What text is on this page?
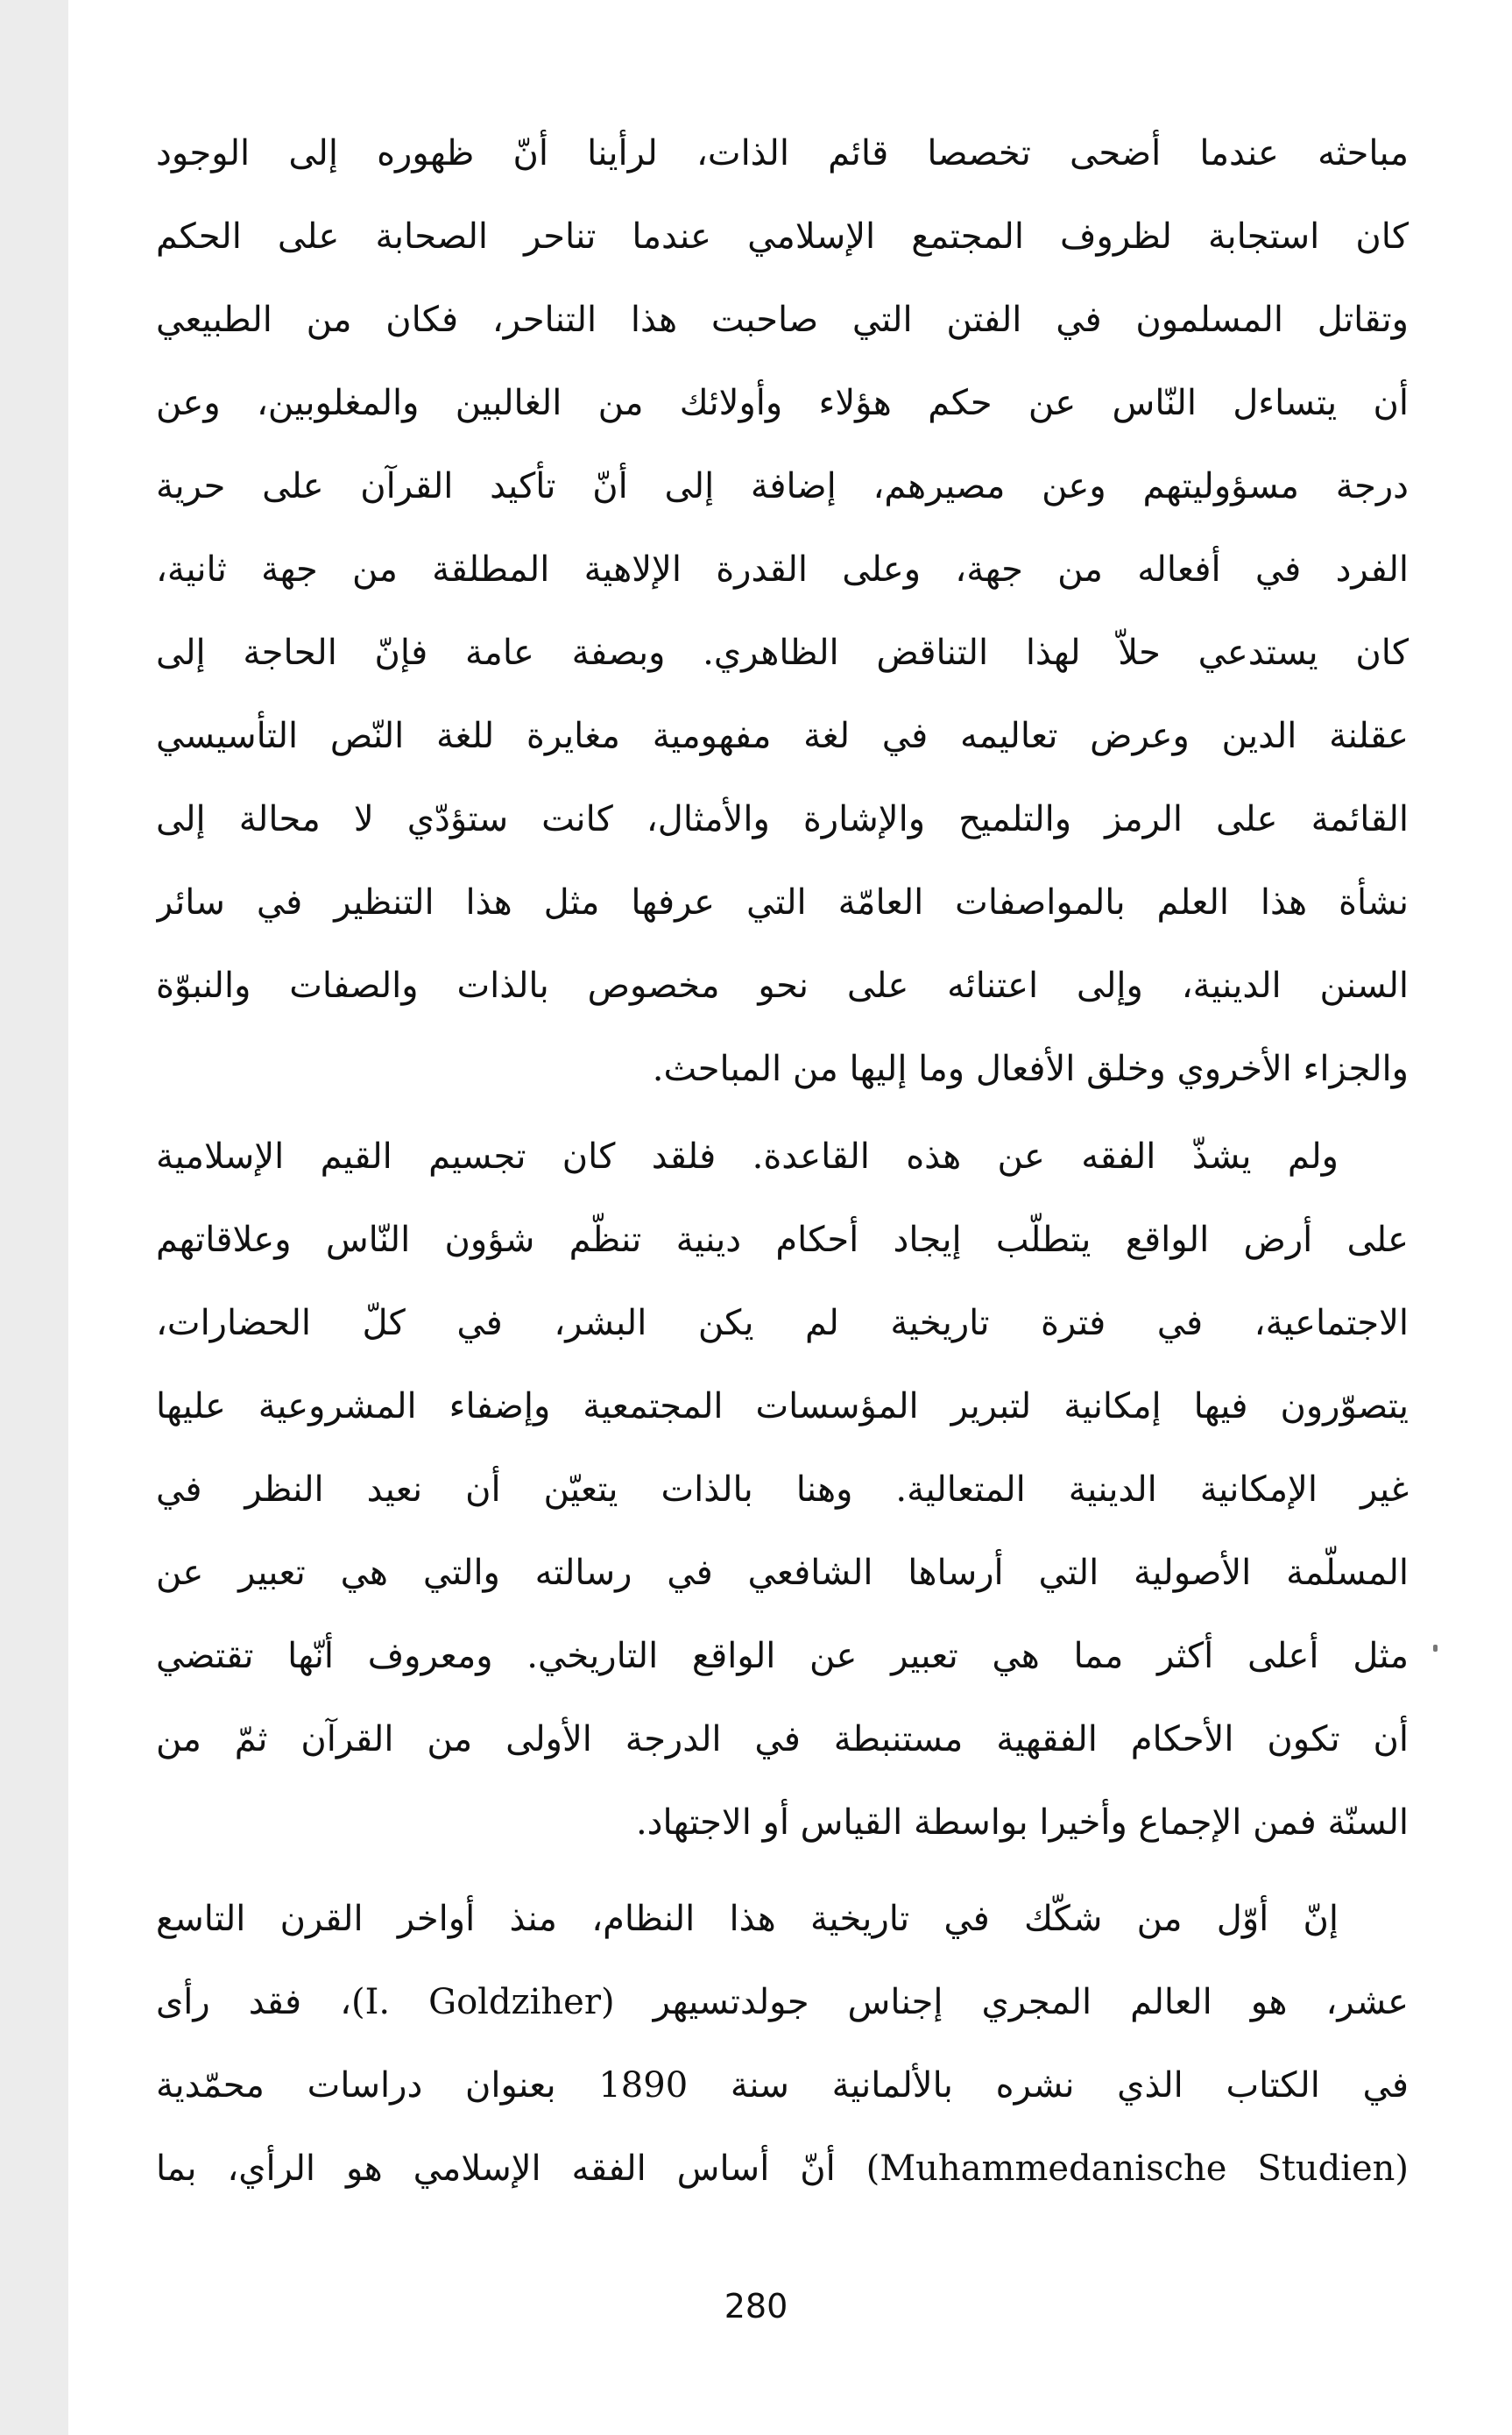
مباحثه عندما أضحى تخصصا قائم الذات، لرأينا أنّ ظهوره إلى الوجود
كان استجابة لظروف المجتمع الإسلامي عندما تناحر الصحابة على الحكم
وتقاتل المسلمون في الفتن التي صاحبت هذا التناحر، فكان من الطبيعي
أن يتساءل النّاس عن حكم هؤلاء وأولائك من الغالبين والمغلوبين، وعن
درجة مسؤوليتهم وعن مصيرهم، إضافة إلى أنّ تأكيد القرآن على حرية
الفرد في أفعاله من جهة، وعلى القدرة الإلاهية المطلقة من جهة ثانية،
كان يستدعي حلاّ لهذا التناقض الظاهري. وبصفة عامة فإنّ الحاجة إلى
عقلنة الدين وعرض تعاليمه في لغة مفهومية مغايرة للغة النّص التأسيسي
القائمة على الرمز والتلميح والإشارة والأمثال، كانت ستؤدّي لا محالة إلى
نشأة هذا العلم بالمواصفات العامّة التي عرفها مثل هذا التنظير في سائر
السنن الدينية، وإلى اعتنائه على نحو مخصوص بالذات والصفات والنبوّة
والجزاء الأخروي وخلق الأفعال وما إليها من المباحث.
ولم يشذّ الفقه عن هذه القاعدة. فلقد كان تجسيم القيم الإسلامية
على أرض الواقع يتطلّب إيجاد أحكام دينية تنظّم شؤون النّاس وعلاقاتهم
الاجتماعية، في فترة تاريخية لم يكن البشر، في كلّ الحضارات،
يتصوّرون فيها إمكانية لتبرير المؤسسات المجتمعية وإضفاء المشروعية عليها
غير الإمكانية الدينية المتعالية. وهنا بالذات يتعيّن أن نعيد النظر في
المسلّمة الأصولية التي أرساها الشافعي في رسالته والتي هي تعبير عن
مثل أعلى أكثر مما هي تعبير عن الواقع التاريخي. ومعروف أنّها تقتضي
أن تكون الأحكام الفقهية مستنبطة في الدرجة الأولى من القرآن ثمّ من
السنّة فمن الإجماع وأخيرا بواسطة القياس أو الاجتهاد.
إنّ أوّل من شكّك في تاريخية هذا النظام، منذ أواخر القرن التاسع
عشر، هو العالم المجري إجناس جولدتسيهر (I. Goldziher)، فقد رأى
في الكتاب الذي نشره بالألمانية سنة 1890 بعنوان دراسات محمّدية
(Muhammedanische Studien) أنّ أساس الفقه الإسلامي هو الرأي، بما
280
